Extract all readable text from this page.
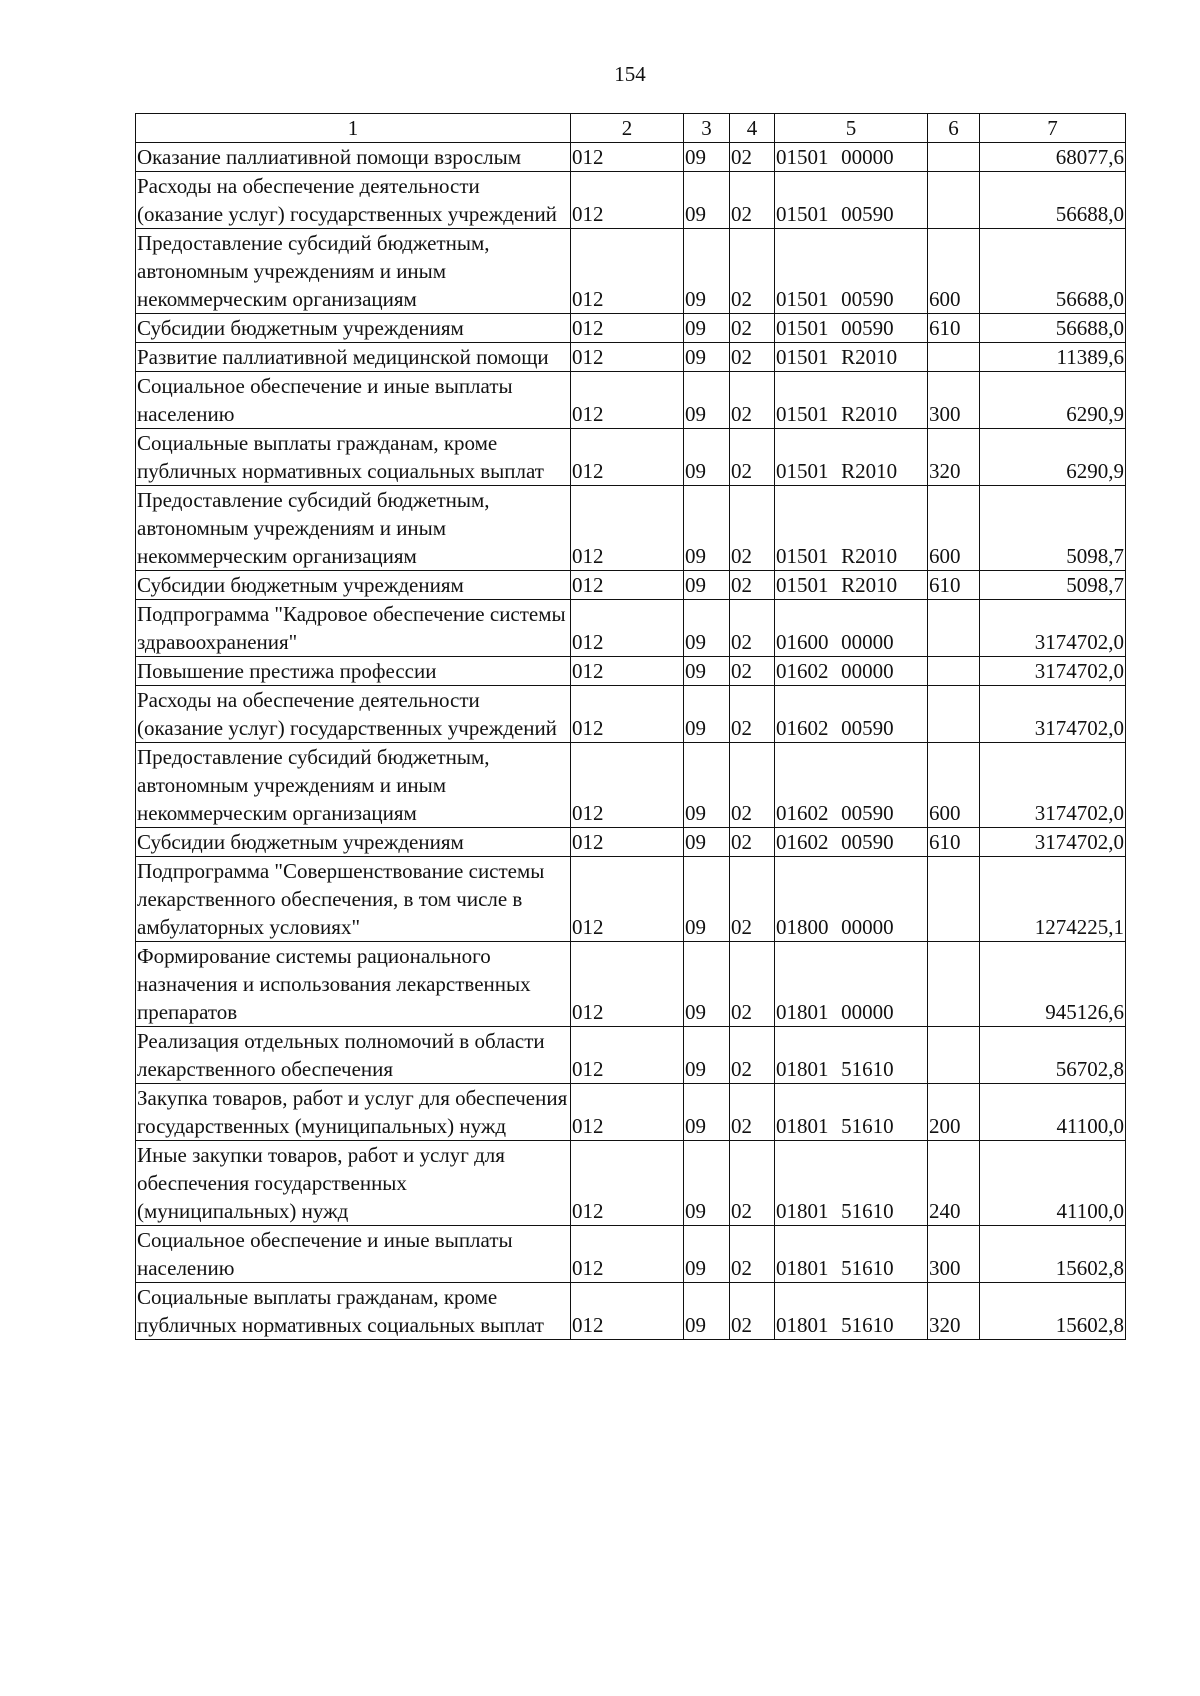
154
1	2	3	4	5	6	7
Оказание паллиативной помощи взрослым	012	09	02	01501 00000		68077,6
Расходы на обеспечение деятельности (оказание услуг) государственных учреждений	012	09	02	01501 00590		56688,0
Предоставление субсидий бюджетным, автономным учреждениям и иным некоммерческим организациям	012	09	02	01501 00590	600	56688,0
Субсидии бюджетным учреждениям	012	09	02	01501 00590	610	56688,0
Развитие паллиативной медицинской помощи	012	09	02	01501 R2010		11389,6
Социальное обеспечение и иные выплаты населению	012	09	02	01501 R2010	300	6290,9
Социальные выплаты гражданам, кроме публичных нормативных социальных выплат	012	09	02	01501 R2010	320	6290,9
Предоставление субсидий бюджетным, автономным учреждениям и иным некоммерческим организациям	012	09	02	01501 R2010	600	5098,7
Субсидии бюджетным учреждениям	012	09	02	01501 R2010	610	5098,7
Подпрограмма "Кадровое обеспечение системы здравоохранения"	012	09	02	01600 00000		3174702,0
Повышение престижа профессии	012	09	02	01602 00000		3174702,0
Расходы на обеспечение деятельности (оказание услуг) государственных учреждений	012	09	02	01602 00590		3174702,0
Предоставление субсидий бюджетным, автономным учреждениям и иным некоммерческим организациям	012	09	02	01602 00590	600	3174702,0
Субсидии бюджетным учреждениям	012	09	02	01602 00590	610	3174702,0
Подпрограмма "Совершенствование системы лекарственного обеспечения, в том числе в амбулаторных условиях"	012	09	02	01800 00000		1274225,1
Формирование системы рационального назначения и использования лекарственных препаратов	012	09	02	01801 00000		945126,6
Реализация отдельных полномочий в области лекарственного обеспечения	012	09	02	01801 51610		56702,8
Закупка товаров, работ и услуг для обеспечения государственных (муниципальных) нужд	012	09	02	01801 51610	200	41100,0
Иные закупки товаров, работ и услуг для обеспечения государственных (муниципальных) нужд	012	09	02	01801 51610	240	41100,0
Социальное обеспечение и иные выплаты населению	012	09	02	01801 51610	300	15602,8
Социальные выплаты гражданам, кроме публичных нормативных социальных выплат	012	09	02	01801 51610	320	15602,8
